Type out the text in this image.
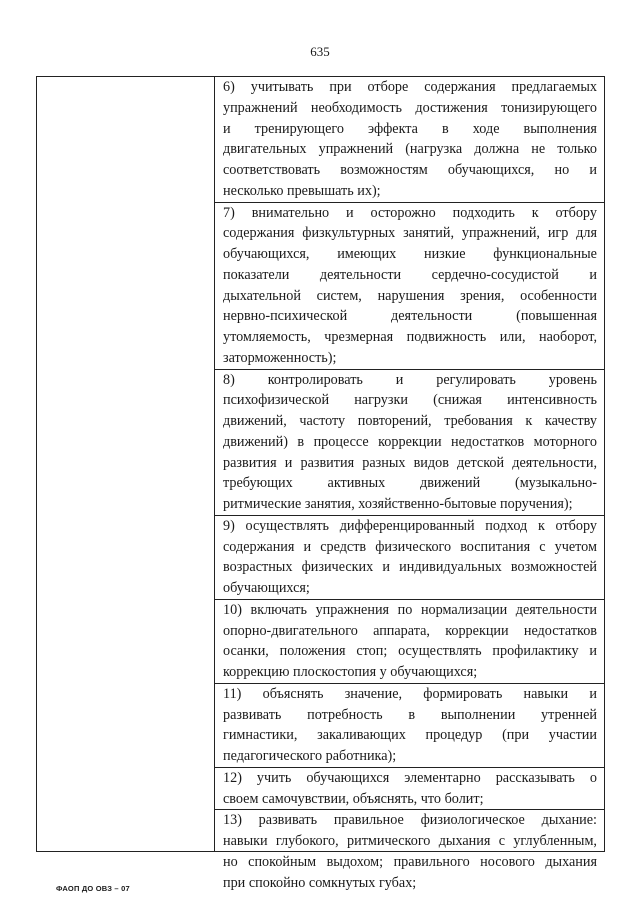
635
6) учитывать при отборе содержания предлагаемых
упражнений необходимость достижения тонизирующего
и тренирующего эффекта в ходе выполнения
двигательных упражнений (нагрузка должна не только
соответствовать возможностям обучающихся, но и
несколько превышать их);
7) внимательно и осторожно подходить к отбору
содержания физкультурных занятий, упражнений, игр для
обучающихся, имеющих низкие функциональные
показатели деятельности сердечно-сосудистой и
дыхательной систем, нарушения зрения, особенности
нервно-психической	деятельности	(повышенная
утомляемость, чрезмерная подвижность или, наоборот,
заторможенность);
8) контролировать и регулировать уровень
психофизической нагрузки (снижая интенсивность
движений, частоту повторений, требования к качеству
движений) в процессе коррекции недостатков моторного
развития и развития разных видов детской деятельности,
требующих активных движений (музыкально-
ритмические занятия, хозяйственно-бытовые поручения);
9) осуществлять дифференцированный подход к отбору
содержания и средств физического воспитания с учетом
возрастных физических и индивидуальных возможностей
обучающихся;
10) включать упражнения по нормализации деятельности
опорно-двигательного аппарата, коррекции недостатков
осанки, положения стоп; осуществлять профилактику и
коррекцию плоскостопия у обучающихся;
11) объяснять значение, формировать навыки и
развивать потребность в выполнении утренней
гимнастики, закаливающих процедур (при участии
педагогического работника);
12) учить обучающихся элементарно рассказывать о
своем самочувствии, объяснять, что болит;
13) развивать правильное физиологическое дыхание:
навыки глубокого, ритмического дыхания с углубленным,
но спокойным выдохом; правильного носового дыхания
при спокойно сомкнутых губах;
ФАОП ДО ОВЗ – 07
